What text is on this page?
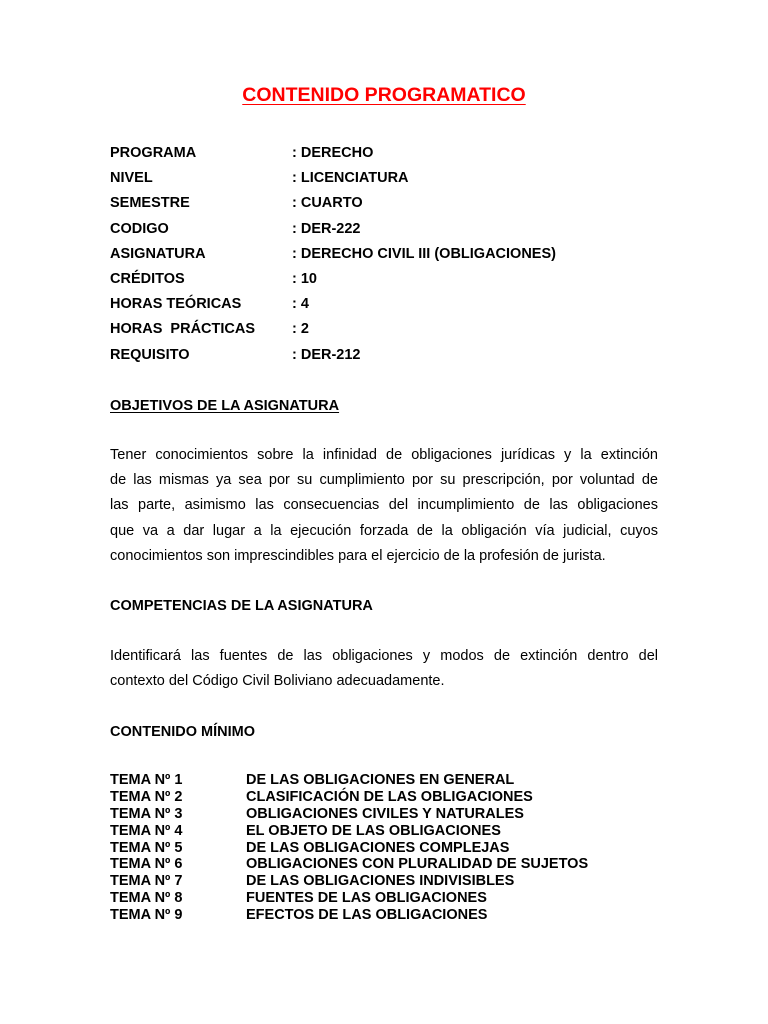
CONTENIDO PROGRAMATICO
PROGRAMA	: DERECHO
NIVEL	: LICENCIATURA
SEMESTRE	: CUARTO
CODIGO	: DER-222
ASIGNATURA	: DERECHO CIVIL III (OBLIGACIONES)
CRÉDITOS	: 10
HORAS TEÓRICAS	: 4
HORAS  PRÁCTICAS	: 2
REQUISITO	: DER-212
OBJETIVOS DE LA ASIGNATURA
Tener conocimientos sobre la infinidad de obligaciones jurídicas y la extinción
de las mismas ya sea por su cumplimiento por su prescripción, por voluntad de
las parte, asimismo las consecuencias del incumplimiento de las obligaciones
que va a dar lugar a la ejecución forzada de la obligación vía judicial, cuyos
conocimientos son imprescindibles para el ejercicio de la profesión de jurista.
COMPETENCIAS DE LA ASIGNATURA
Identificará las fuentes de las obligaciones y modos de extinción dentro del
contexto del Código Civil Boliviano adecuadamente.
CONTENIDO MÍNIMO
TEMA Nº 1	DE LAS OBLIGACIONES EN GENERAL
TEMA Nº 2	CLASIFICACIÓN DE LAS OBLIGACIONES
TEMA Nº 3	OBLIGACIONES CIVILES Y NATURALES
TEMA Nº 4	EL OBJETO DE LAS OBLIGACIONES
TEMA Nº 5	DE LAS OBLIGACIONES COMPLEJAS
TEMA Nº 6	OBLIGACIONES CON PLURALIDAD DE SUJETOS
TEMA Nº 7	DE LAS OBLIGACIONES INDIVISIBLES
TEMA Nº 8	FUENTES DE LAS OBLIGACIONES
TEMA Nº 9	EFECTOS DE LAS OBLIGACIONES
